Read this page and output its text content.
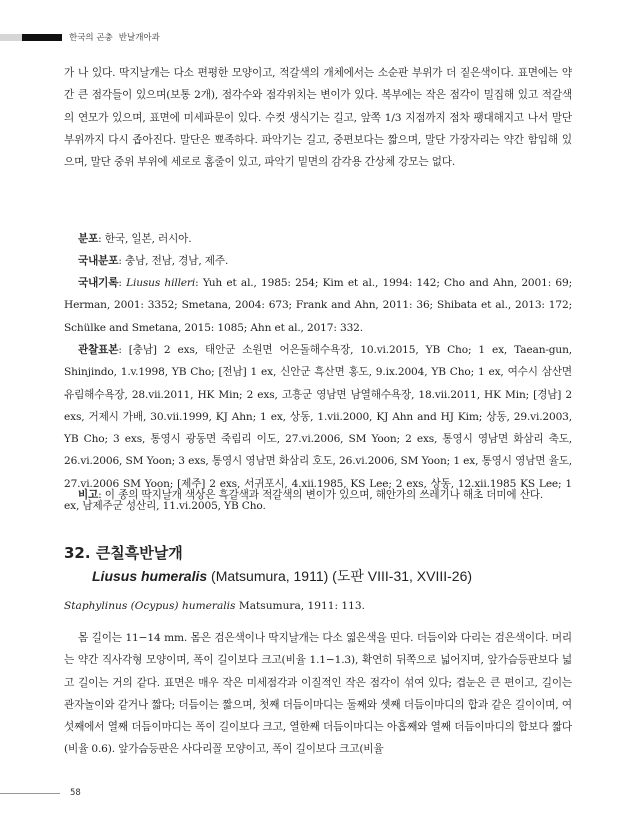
한국의 곤충 반날개아과

가 나 있다. 딱지날개는 다소 편평한 모양이고, 적갈색의 개체에서는 소순판 부위가 더 짙은색이다. 표면에는 약간 큰 점각들이 있으며(보통 2개), 점각수와 점각위치는 변이가 있다. 복부에는 작은 점각이 밀집해 있고 적갈색의 연모가 있으며, 표면에 미세파문이 있다. 수컷 생식기는 길고, 앞쪽 1/3 지점까지 점차 팽대해지고 나서 말단 부위까지 다시 좁아진다. 말단은 뾰족하다. 파악기는 길고, 중편보다는 짧으며, 말단 가장자리는 약간 함입해 있으며, 말단 중위 부위에 세로로 홈줄이 있고, 파악기 밑면의 감각용 간상체 강모는 없다.

분포: 한국, 일본, 러시아.

국내분포: 충남, 전남, 경남, 제주.

국내기록: Liusus hilleri: Yuh et al., 1985: 254; Kim et al., 1994: 142; Cho and Ahn, 2001: 69; Herman, 2001: 3352; Smetana, 2004: 673; Frank and Ahn, 2011: 36; Shibata et al., 2013: 172; Schülke and Smetana, 2015: 1085; Ahn et al., 2017: 332.

관찰표본: [충남] 2 exs, 태안군 소원면 어은돌해수욕장, 10.vi.2015, YB Cho; 1 ex, Taean-gun, Shinjindo, 1.v.1998, YB Cho; [전남] 1 ex, 신안군 흑산면 홍도, 9.ix.2004, YB Cho; 1 ex, 여수시 삼산면 유림해수욕장, 28.vii.2011, HK Min; 2 exs, 고흥군 영남면 남열해수욕장, 18.vii.2011, HK Min; [경남] 2 exs, 거제시 가배, 30.vii.1999, KJ Ahn; 1 ex, 상동, 1.vii.2000, KJ Ahn and HJ Kim; 상동, 29.vi.2003, YB Cho; 3 exs, 통영시 광동면 죽림리 이도, 27.vi.2006, SM Yoon; 2 exs, 통영시 영남면 화삼리 축도, 26.vi.2006, SM Yoon; 3 exs, 통영시 영남면 화삼리 호도, 26.vi.2006, SM Yoon; 1 ex, 통영시 영남면 율도, 27.vi.2006 SM Yoon; [제주] 2 exs, 서귀포시, 4.xii.1985, KS Lee; 2 exs, 상동, 12.xii.1985 KS Lee; 1 ex, 남제주군 성산리, 11.vi.2005, YB Cho.

비고: 이 종의 딱지날개 색상은 흑갈색과 적갈색의 변이가 있으며, 해안가의 쓰레기나 해초 더미에 산다.

32. 큰칠흑반날개
Liusus humeralis (Matsumura, 1911) (도판 VIII-31, XVIII-26)
Staphylinus (Ocypus) humeralis Matsumura, 1911: 113.

몸 길이는 11−14 mm. 몸은 검은색이나 딱지날개는 다소 엷은색을 띤다. 더듬이와 다리는 검은색이다. 머리는 약간 직사각형 모양이며, 폭이 길이보다 크고(비율 1.1−1.3), 확연히 뒤쪽으로 넓어지며, 앞가슴등판보다 넓고 길이는 거의 같다. 표면은 매우 작은 미세점각과 이질적인 작은 점각이 섞여 있다; 겹눈은 큰 편이고, 길이는 관자놀이와 같거나 짧다; 더듬이는 짧으며, 첫째 더듬이마디는 둘째와 셋째 더듬이마디의 합과 같은 길이이며, 여섯째에서 열째 더듬이마디는 폭이 길이보다 크고, 열한째 더듬이마디는 아홉째와 열째 더듬이마디의 합보다 짧다(비율 0.6). 앞가슴등판은 사다리꼴 모양이고, 폭이 길이보다 크고(비율

58
